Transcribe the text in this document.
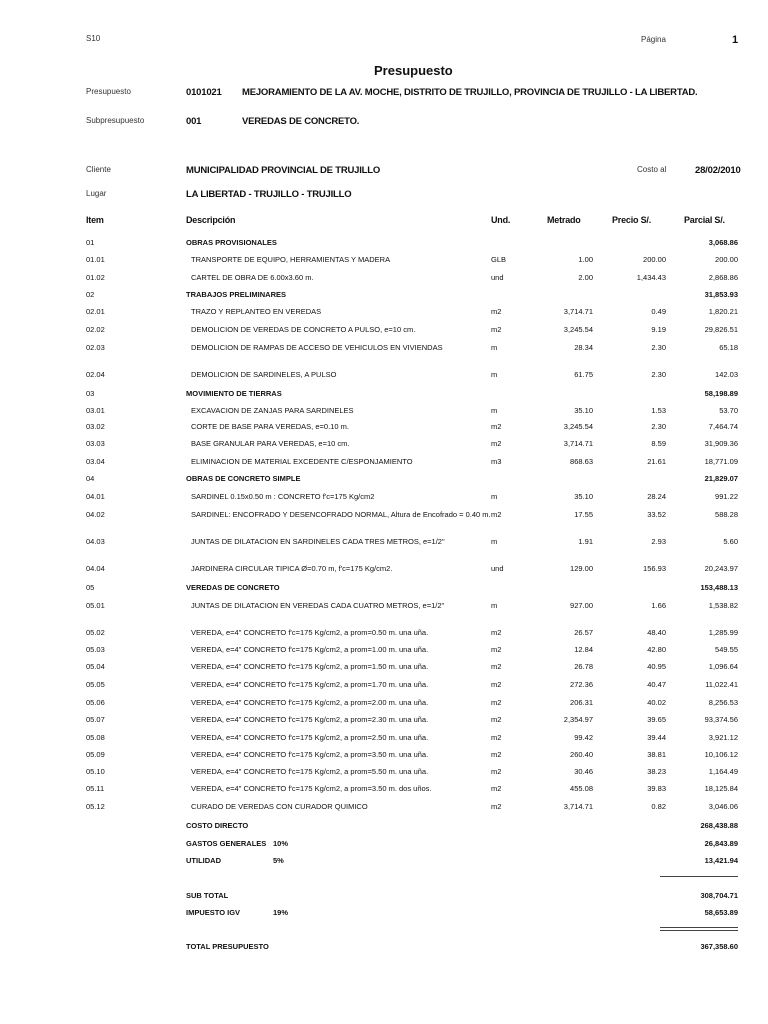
S10	Página	1
Presupuesto
Presupuesto	0101021 MEJORAMIENTO DE LA AV. MOCHE, DISTRITO DE TRUJILLO, PROVINCIA DE TRUJILLO - LA LIBERTAD.
Subpresupuesto	001	VEREDAS DE CONCRETO.
Cliente	MUNICIPALIDAD PROVINCIAL DE TRUJILLO	Costo al	28/02/2010
Lugar	LA LIBERTAD - TRUJILLO - TRUJILLO
Item	Descripción	Und.	Metrado	Precio S/.	Parcial S/.
01	OBRAS PROVISIONALES	3,068.86
01.01	TRANSPORTE DE EQUIPO, HERRAMIENTAS Y MADERA	GLB	1.00	200.00	200.00
01.02	CARTEL DE OBRA DE 6.00x3.60 m.	und	2.00	1,434.43	2,868.86
02	TRABAJOS PRELIMINARES	31,853.93
02.01	TRAZO Y REPLANTEO EN VEREDAS	m2	3,714.71	0.49	1,820.21
02.02	DEMOLICION DE VEREDAS DE CONCRETO A PULSO, e=10 cm.	m2	3,245.54	9.19	29,826.51
02.03	DEMOLICION DE RAMPAS DE ACCESO DE VEHICULOS EN VIVIENDAS	m	28.34	2.30	65.18
02.04	DEMOLICION DE SARDINELES, A PULSO	m	61.75	2.30	142.03
03	MOVIMIENTO DE TIERRAS	58,198.89
03.01	EXCAVACION DE ZANJAS PARA SARDINELES	m	35.10	1.53	53.70
03.02	CORTE DE BASE PARA VEREDAS, e=0.10 m.	m2	3,245.54	2.30	7,464.74
03.03	BASE GRANULAR PARA VEREDAS, e=10 cm.	m2	3,714.71	8.59	31,909.36
03.04	ELIMINACION DE MATERIAL EXCEDENTE C/ESPONJAMIENTO	m3	868.63	21.61	18,771.09
04	OBRAS DE CONCRETO SIMPLE	21,829.07
04.01	SARDINEL 0.15x0.50 m : CONCRETO f'c=175 Kg/cm2	m	35.10	28.24	991.22
04.02	SARDINEL: ENCOFRADO Y DESENCOFRADO NORMAL, Altura de Encofrado = 0.40 m. m2	17.55	33.52	588.28
04.03	JUNTAS DE DILATACION EN SARDINELES CADA TRES METROS, e=1/2"	m	1.91	2.93	5.60
04.04	JARDINERA CIRCULAR TIPICA Ø=0.70 m, f'c=175 Kg/cm2.	und	129.00	156.93	20,243.97
05	VEREDAS DE CONCRETO	153,488.13
05.01	JUNTAS DE DILATACION EN VEREDAS CADA CUATRO METROS, e=1/2"	m	927.00	1.66	1,538.82
05.02	VEREDA, e=4" CONCRETO f'c=175 Kg/cm2, a prom=0.50 m. una uña.	m2	26.57	48.40	1,285.99
05.03	VEREDA, e=4" CONCRETO f'c=175 Kg/cm2, a prom=1.00 m. una uña.	m2	12.84	42.80	549.55
05.04	VEREDA, e=4" CONCRETO f'c=175 Kg/cm2, a prom=1.50 m. una uña.	m2	26.78	40.95	1,096.64
05.05	VEREDA, e=4" CONCRETO f'c=175 Kg/cm2, a prom=1.70 m. una uña.	m2	272.36	40.47	11,022.41
05.06	VEREDA, e=4" CONCRETO f'c=175 Kg/cm2, a prom=2.00 m. una uña.	m2	206.31	40.02	8,256.53
05.07	VEREDA, e=4" CONCRETO f'c=175 Kg/cm2, a prom=2.30 m. una uña.	m2	2,354.97	39.65	93,374.56
05.08	VEREDA, e=4" CONCRETO f'c=175 Kg/cm2, a prom=2.50 m. una uña.	m2	99.42	39.44	3,921.12
05.09	VEREDA, e=4" CONCRETO f'c=175 Kg/cm2, a prom=3.50 m. una uña.	m2	260.40	38.81	10,106.12
05.10	VEREDA, e=4" CONCRETO f'c=175 Kg/cm2, a prom=5.50 m. una uña.	m2	30.46	38.23	1,164.49
05.11	VEREDA, e=4" CONCRETO f'c=175 Kg/cm2, a prom=3.50 m. dos uños.	m2	455.08	39.83	18,125.84
05.12	CURADO DE VEREDAS CON CURADOR QUIMICO	m2	3,714.71	0.82	3,046.06
COSTO DIRECTO	268,438.88
GASTOS GENERALES 10%	26,843.89
UTILIDAD	5%	13,421.94
SUB TOTAL	308,704.71
IMPUESTO IGV	19%	58,653.89
TOTAL PRESUPUESTO	367,358.60
